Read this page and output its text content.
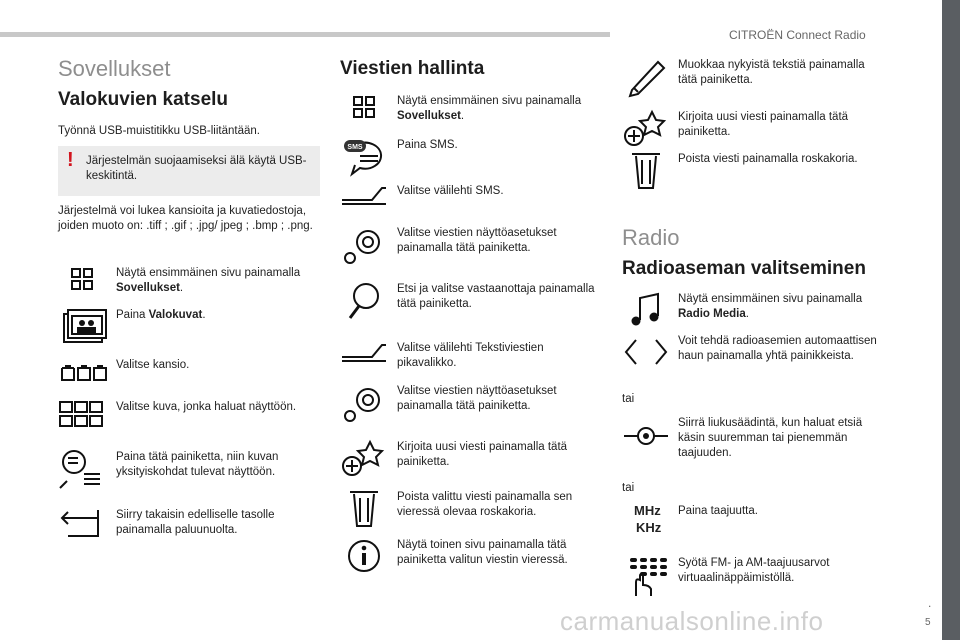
CITROËN Connect Radio
.
5
carmanualsonline.info
Sovellukset
Valokuvien katselu
Työnnä USB-muistitikku USB-liitäntään.
! Järjestelmän suojaamiseksi älä käytä USB-keskitintä.
Järjestelmä voi lukea kansioita ja kuvatiedostoja, joiden muoto on: .tiff ; .gif ; .jpg/ jpeg ; .bmp ; .png.
Näytä ensimmäinen sivu painamalla Sovellukset.
Paina Valokuvat.
Valitse kansio.
Valitse kuva, jonka haluat näyttöön.
Paina tätä painiketta, niin kuvan yksityiskohdat tulevat näyttöön.
Siirry takaisin edelliselle tasolle painamalla paluunuolta.
Viestien hallinta
Näytä ensimmäinen sivu painamalla Sovellukset.
SMS	Paina SMS.
Valitse välilehti SMS.
Valitse viestien näyttöasetukset painamalla tätä painiketta.
Etsi ja valitse vastaanottaja painamalla tätä painiketta.
Valitse välilehti Tekstiviestien pikavalikko.
Valitse viestien näyttöasetukset painamalla tätä painiketta.
Kirjoita uusi viesti painamalla tätä painiketta.
Poista valittu viesti painamalla sen vieressä olevaa roskakoria.
Näytä toinen sivu painamalla tätä painiketta valitun viestin vieressä.
Muokkaa nykyistä tekstiä painamalla tätä painiketta.
Kirjoita uusi viesti painamalla tätä painiketta.
Poista viesti painamalla roskakoria.
Radio
Radioaseman valitseminen
Näytä ensimmäinen sivu painamalla Radio Media.
Voit tehdä radioasemien automaattisen haun painamalla yhtä painikkeista.
tai
Siirrä liukusäädintä, kun haluat etsiä käsin suuremman tai pienemmän taajuuden.
tai
MHz
KHz
Paina taajuutta.
Syötä FM- ja AM-taajuusarvot virtuaalinäppäimistöllä.
